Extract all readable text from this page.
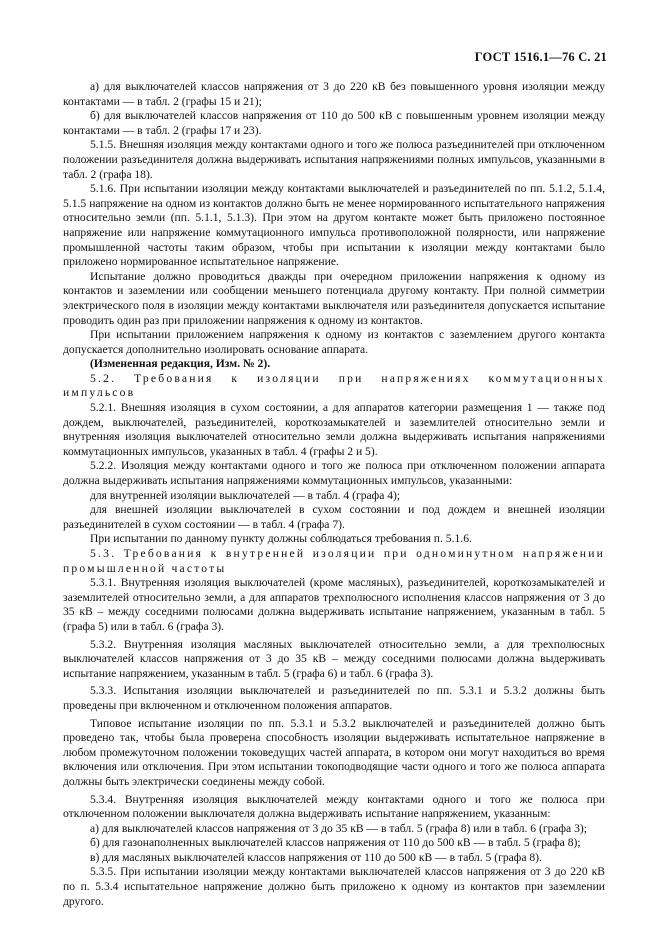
ГОСТ 1516.1—76 С. 21

а) для выключателей классов напряжения от 3 до 220 кВ без повышенного уровня изоляции между контактами — в табл. 2 (графы 15 и 21);

б) для выключателей классов напряжения от 110 до 500 кВ с повышенным уровнем изоляции между контактами — в табл. 2 (графы 17 и 23).

5.1.5. Внешняя изоляция между контактами одного и того же полюса разъединителей при отключенном положении разъединителя должна выдерживать испытания напряжениями полных импульсов, указанными в табл. 2 (графа 18).

5.1.6. При испытании изоляции между контактами выключателей и разъединителей по пп. 5.1.2, 5.1.4, 5.1.5 напряжение на одном из контактов должно быть не менее нормированного испытательного напряжения относительно земли (пп. 5.1.1, 5.1.3). При этом на другом контакте может быть приложено постоянное напряжение или напряжение коммутационного импульса противоположной полярности, или напряжение промышленной частоты таким образом, чтобы при испытании к изоляции между контактами было приложено нормированное испытательное напряжение.

Испытание должно проводиться дважды при очередном приложении напряжения к одному из контактов и заземлении или сообщении меньшего потенциала другому контакту. При полной симметрии электрического поля в изоляции между контактами выключателя или разъединителя допускается испытание проводить один раз при приложении напряжения к одному из контактов.

При испытании приложением напряжения к одному из контактов с заземлением другого контакта допускается дополнительно изолировать основание аппарата.

(Измененная редакция, Изм. № 2).

5.2. Требования к изоляции при напряжениях коммутационных импульсов

5.2.1. Внешняя изоляция в сухом состоянии, а для аппаратов категории размещения 1 — также под дождем, выключателей, разъединителей, короткозамыкателей и заземлителей относительно земли и внутренняя изоляция выключателей относительно земли должна выдерживать испытания напряжениями коммутационных импульсов, указанных в табл. 4 (графы 2 и 5).

5.2.2. Изоляция между контактами одного и того же полюса при отключенном положении аппарата должна выдерживать испытания напряжениями коммутационных импульсов, указанными:

для внутренней изоляции выключателей — в табл. 4 (графа 4);

для внешней изоляции выключателей в сухом состоянии и под дождем и внешней изоляции разъединителей в сухом состоянии — в табл. 4 (графа 7).

При испытании по данному пункту должны соблюдаться требования п. 5.1.6.

5.3. Требования к внутренней изоляции при одноминутном напряжении промышленной частоты

5.3.1. Внутренняя изоляция выключателей (кроме масляных), разъединителей, короткозамыкателей и заземлителей относительно земли, а для аппаратов трехполюсного исполнения классов напряжения от 3 до 35 кВ – между соседними полюсами должна выдерживать испытание напряжением, указанным в табл. 5 (графа 5) или в табл. 6 (графа 3).

5.3.2. Внутренняя изоляция масляных выключателей относительно земли, а для трехполюсных выключателей классов напряжения от 3 до 35 кВ – между соседними полюсами должна выдерживать испытание напряжением, указанным в табл. 5 (графа 6) и табл. 6 (графа 3).

5.3.3. Испытания изоляции выключателей и разъединителей по пп. 5.3.1 и 5.3.2 должны быть проведены при включенном и отключенном положения аппаратов.

Типовое испытание изоляции по пп. 5.3.1 и 5.3.2 выключателей и разъединителей должно быть проведено так, чтобы была проверена способность изоляции выдерживать испытательное напряжение в любом промежуточном положении токоведущих частей аппарата, в котором они могут находиться во время включения или отключения. При этом испытании токоподводящие части одного и того же полюса аппарата должны быть электрически соединены между собой.

5.3.4. Внутренняя изоляция выключателей между контактами одного и того же полюса при отключенном положении выключателя должна выдерживать испытание напряжением, указанным:

а) для выключателей классов напряжения от 3 до 35 кВ — в табл. 5 (графа 8) или в табл. 6 (графа 3);

б) для газонаполненных выключателей классов напряжения от 110 до 500 кВ — в табл. 5 (графа 8);

в) для масляных выключателей классов напряжения от 110 до 500 кВ — в табл. 5 (графа 8).

5.3.5. При испытании изоляции между контактами выключателей классов напряжения от 3 до 220 кВ по п. 5.3.4 испытательное напряжение должно быть приложено к одному из контактов при заземлении другого.
